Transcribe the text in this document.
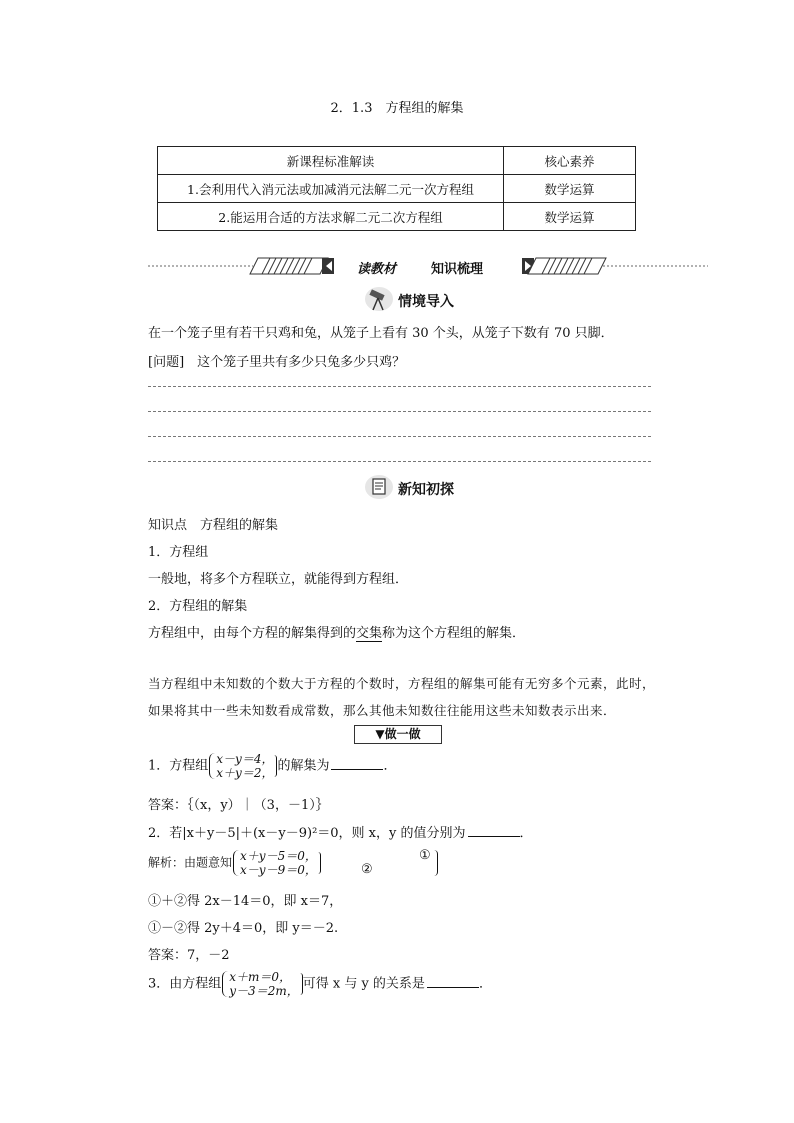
2．1.3　方程组的解集
新课程标准解读	核心素养
1.会利用代入消元法或加减消元法解二元一次方程组	数学运算
2.能运用合适的方法求解二元二次方程组	数学运算
读教材	知识梳理
情境导入
在一个笼子里有若干只鸡和兔，从笼子上看有 30 个头，从笼子下数有 70 只脚．
[问题]　这个笼子里共有多少只兔多少只鸡？
新知初探
知识点　方程组的解集
1．方程组
一般地，将多个方程联立，就能得到方程组．
2．方程组的解集
方程组中，由每个方程的解集得到的交集称为这个方程组的解集．
当方程组中未知数的个数大于方程的个数时，方程组的解集可能有无穷多个元素，此时，
如果将其中一些未知数看成常数，那么其他未知数往往能用这些未知数表示出来．
▼做一做
1．方程组 x－y＝4，
x＋y＝2， 的解集为	．
答案：｛（x，y）｜（3，－1）｝
2．若|x＋y－5|＋(x－y－9)²＝0，则 x，y 的值分别为	．
解析：由题意知 x＋y－5＝0，
x－y－9＝0，
①
②
①＋②得 2x－14＝0，即 x＝7，
①－②得 2y＋4＝0，即 y＝－2.
答案：7，－2
3．由方程组 x＋m＝0，
y－3＝2m， 可得 x 与 y 的关系是	．
